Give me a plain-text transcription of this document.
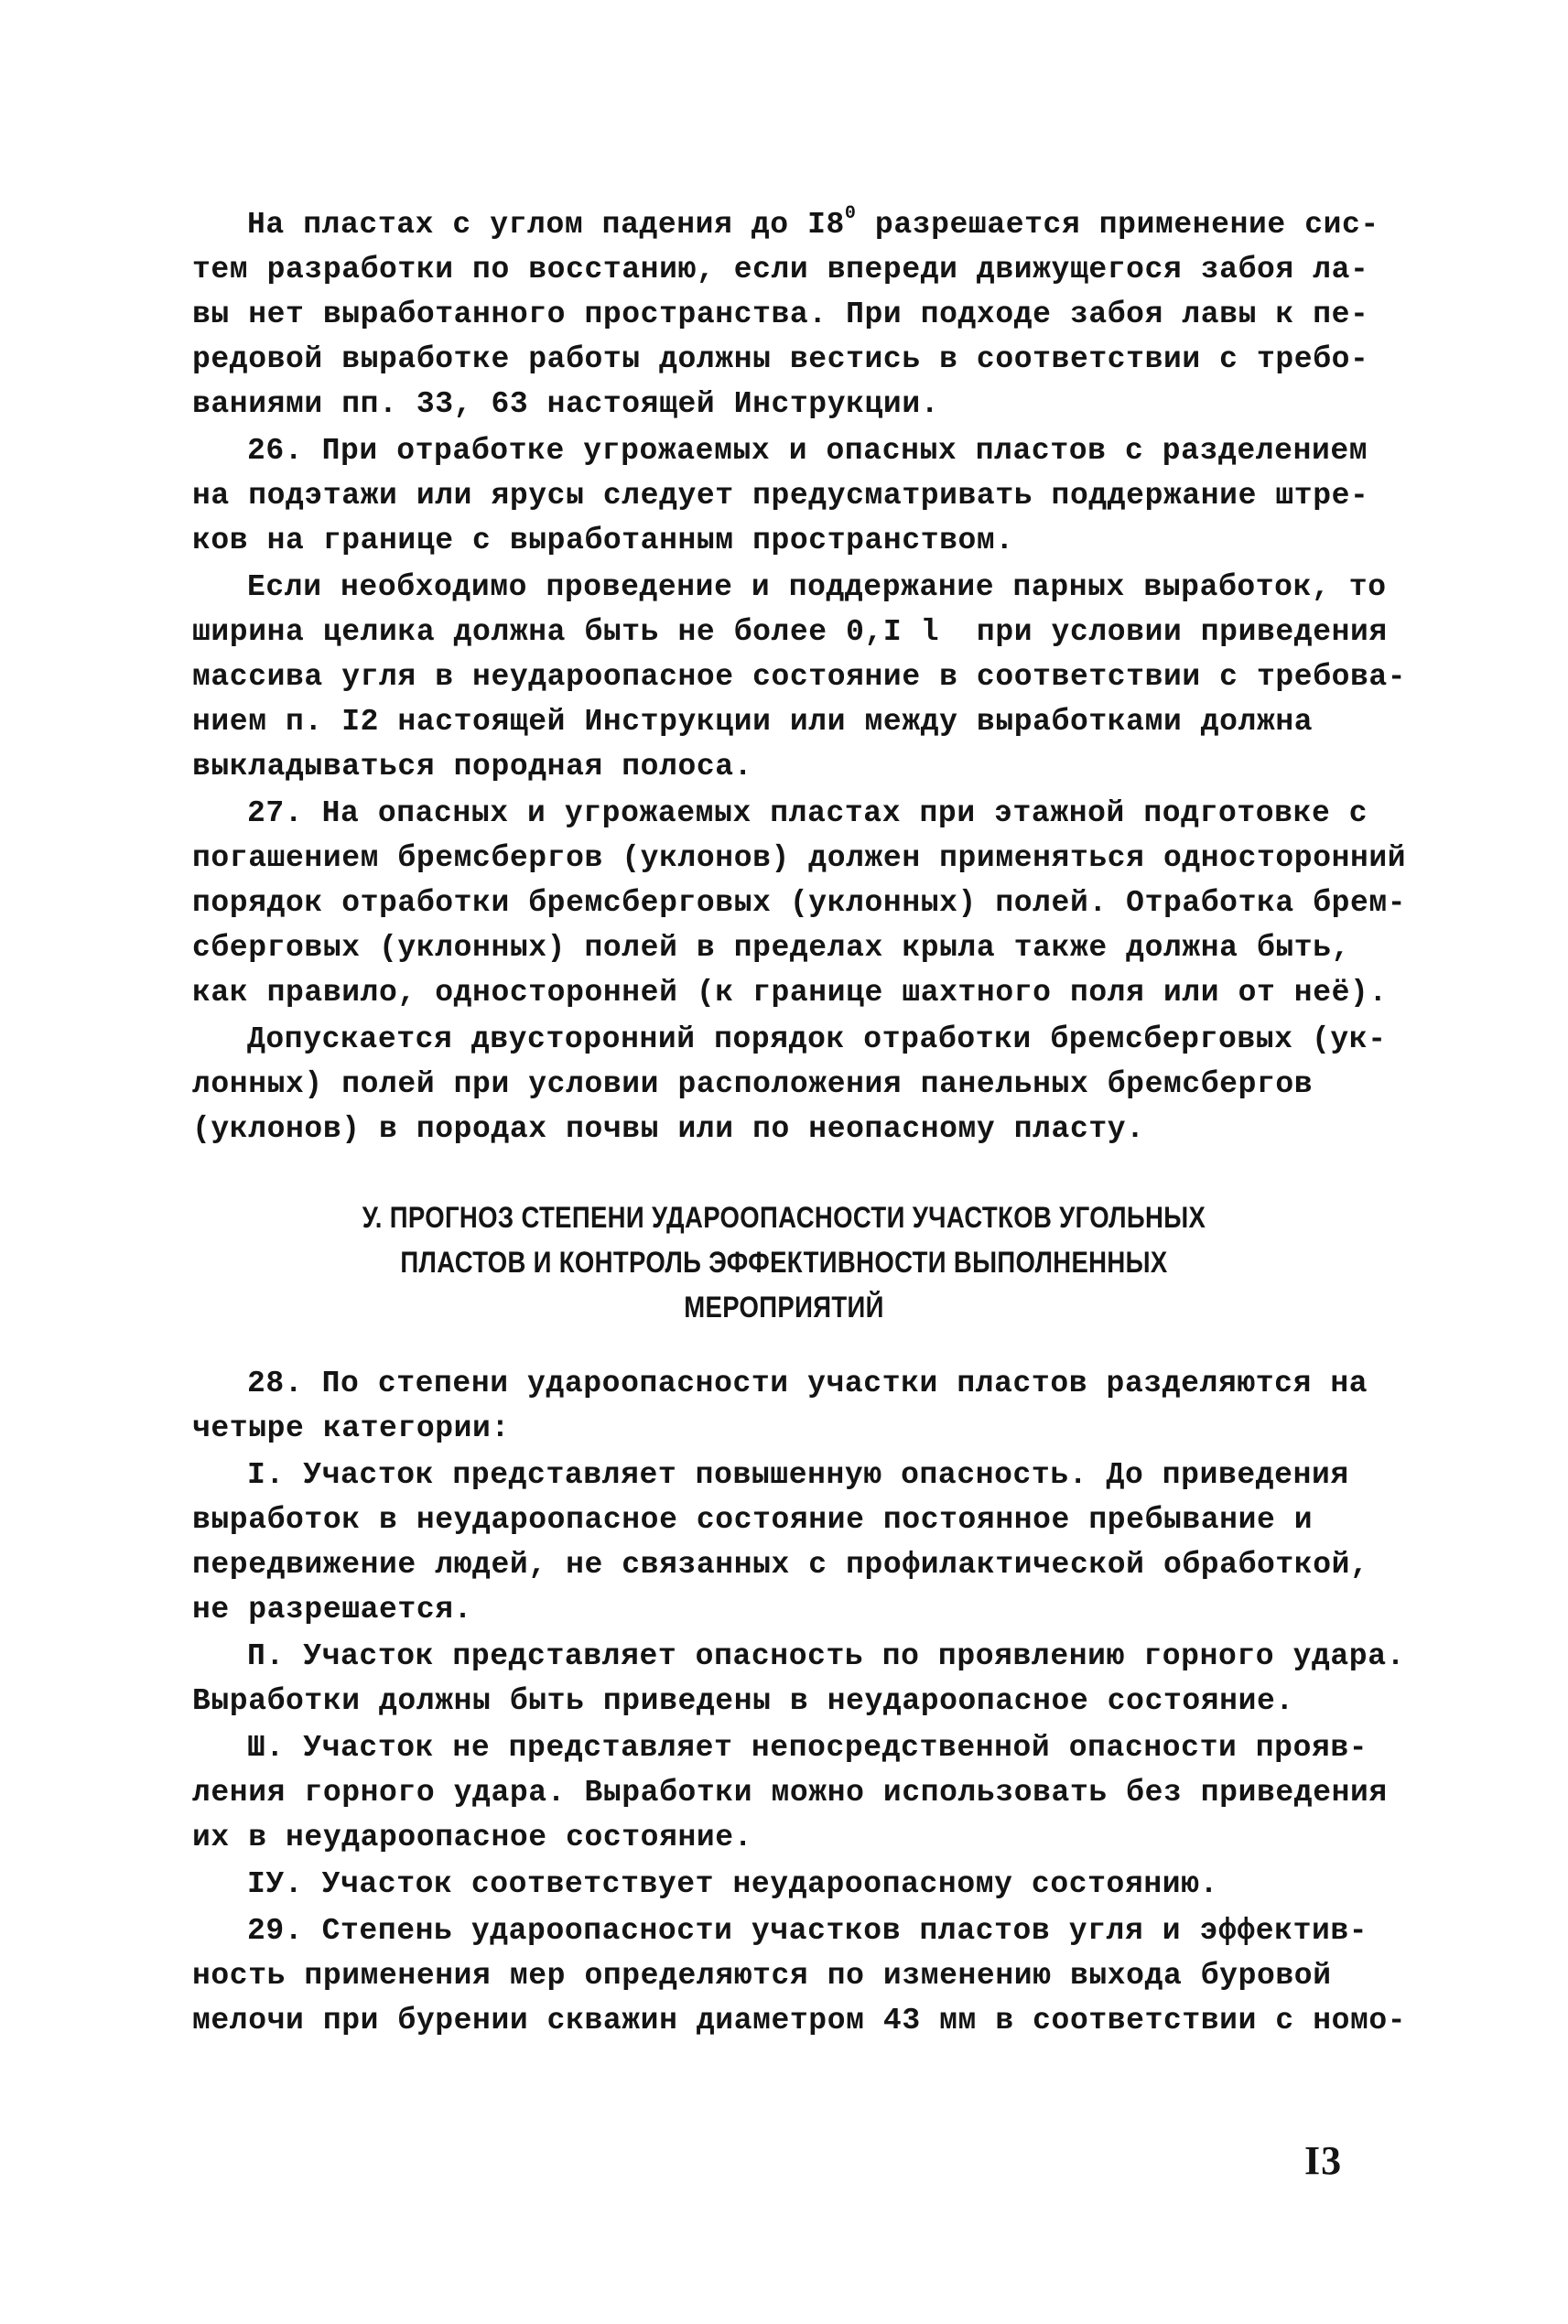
На пластах с углом падения до $I8^0$ разрешается применение сис-
тем разработки по восстанию, если впереди движущегося забоя ла-
вы нет выработанного пространства. При подходе забоя лавы к пе-
редовой выработке работы должны вестись в соответствии с требо-
ваниями пп. 33, 63 настоящей Инструкции.
26. При отработке угрожаемых и опасных пластов с разделением
на подэтажи или ярусы следует предусматривать поддержание штре-
ков на границе с выработанным пространством.
Если необходимо проведение и поддержание парных выработок, то
ширина целика должна быть не более 0,I l  при условии приведения
массива угля в неудароопасное состояние в соответствии с требова-
нием п. I2 настоящей Инструкции или между выработками должна
выкладываться породная полоса.
27. На опасных и угрожаемых пластах при этажной подготовке с
погашением бремсбергов (уклонов) должен применяться односторонний
порядок отработки бремсберговых (уклонных) полей. Отработка брем-
сберговых (уклонных) полей в пределах крыла также должна быть,
как правило, односторонней (к границе шахтного поля или от неё).
Допускается двусторонний порядок отработки бремсберговых (ук-
лонных) полей при условии расположения панельных бремсбергов
(уклонов) в породах почвы или по неопасному пласту.
У. ПРОГНОЗ СТЕПЕНИ УДАРООПАСНОСТИ УЧАСТКОВ УГОЛЬНЫХ
ПЛАСТОВ И КОНТРОЛЬ ЭФФЕКТИВНОСТИ ВЫПОЛНЕННЫХ
МЕРОПРИЯТИЙ
28. По степени удароопасности участки пластов разделяются на
четыре категории:
I. Участок представляет повышенную опасность. До приведения
выработок в неудароопасное состояние постоянное пребывание и
передвижение людей, не связанных с профилактической обработкой,
не разрешается.
П. Участок представляет опасность по проявлению горного удара.
Выработки должны быть приведены в неудароопасное состояние.
Ш. Участок не представляет непосредственной опасности прояв-
ления горного удара. Выработки можно использовать без приведения
их в неудароопасное состояние.
IУ. Участок соответствует неудароопасному состоянию.
29. Степень удароопасности участков пластов угля и эффектив-
ность применения мер определяются по изменению выхода буровой
мелочи при бурении скважин диаметром 43 мм в соответствии с номо-
I3
